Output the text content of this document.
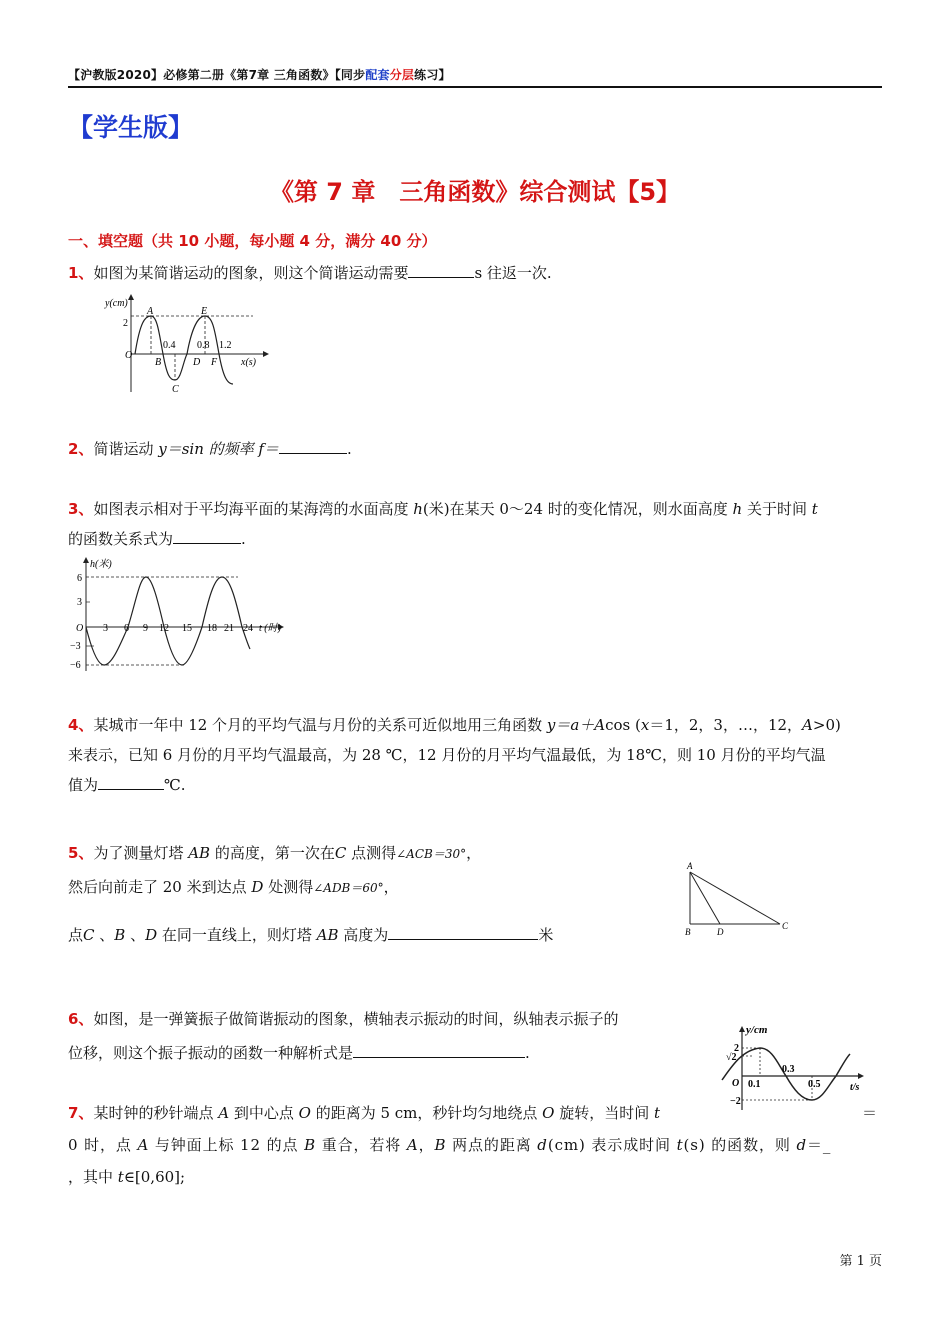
【沪教版2020】必修第二册《第7章 三角函数》【同步配套分层练习】
【学生版】
《第 7 章　三角函数》综合测试【5】
一、填空题（共 10 小题，每小题 4 分，满分 40 分）
1、如图为某简谐运动的图象，则这个简谐运动需要	s 往返一次.
y(cm)
2
A	E
O
0.4 0.8 1.2
B	D F x(s)
C
2、简谐运动 y＝sin 的频率 f＝	.
3、如图表示相对于平均海平面的某海湾的水面高度 h(米)在某天 0～24 时的变化情况，则水面高度 h 关于时间 t
的函数关系式为	.
h(米)
6
3
−3
−6
O 3 6 9 12 15 18 21 24 t (时)
4、某城市一年中 12 个月的平均气温与月份的关系可近似地用三角函数 y＝a＋Acos (x＝1，2，3，…，12，A>0)
来表示，已知 6 月份的月平均气温最高，为 28 ℃，12 月份的月平均气温最低，为 18℃，则 10 月份的平均气温
值为	℃.
5、为了测量灯塔 AB 的高度，第一次在C 点测得∠ACB＝30°，
然后向前走了 20 米到达点 D 处测得∠ADB＝60°，
点C 、B 、D 在同一直线上，则灯塔 AB 高度为	米
A
B	D
C
6、如图，是一弹簧振子做简谐振动的图象，横轴表示振动的时间，纵轴表示振子的
位移，则这个振子振动的函数一种解析式是	.
y/cm
2
√2
−2
O 0.1
0.3
0.5	t/s
7、某时钟的秒针端点 A 到中心点 O 的距离为 5 cm，秒针均匀地绕点 O 旋转，当时间 t	＝
0 时，点 A 与钟面上标 12 的点 B 重合，若将 A，B 两点的距离 d(cm) 表示成时间 t(s) 的函数，则 d＝_
，其中 t∈[0,60];
第 1 页
